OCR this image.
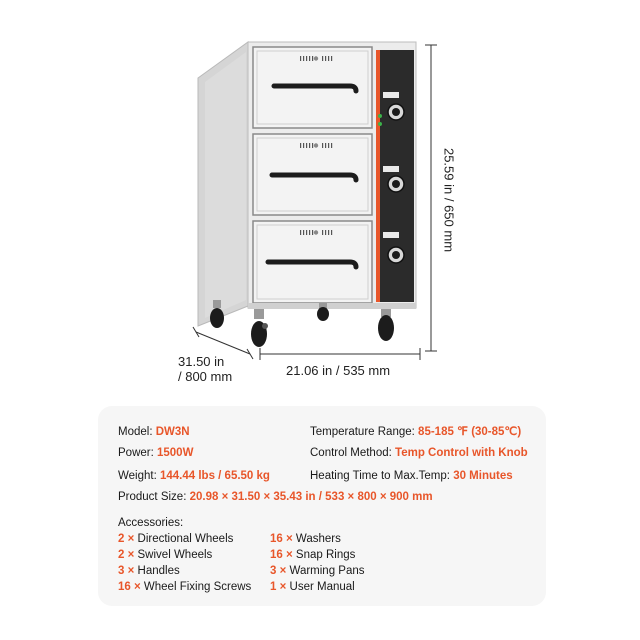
25.59 in / 650 mm
21.06 in / 535 mm
31.50 in
/ 800 mm
Model: DW3N
Power: 1500W
Weight: 144.44 lbs / 65.50 kg
Product Size: 20.98 × 31.50 × 35.43 in / 533 × 800 × 900 mm
Temperature Range: 85-185 ℉ (30-85℃)
Control Method: Temp Control with Knob
Heating Time to Max.Temp: 30 Minutes
Accessories:
2 × Directional Wheels
2 × Swivel Wheels
3 × Handles
16 × Wheel Fixing Screws
16 × Washers
16 × Snap Rings
3 × Warming Pans
1 × User Manual
